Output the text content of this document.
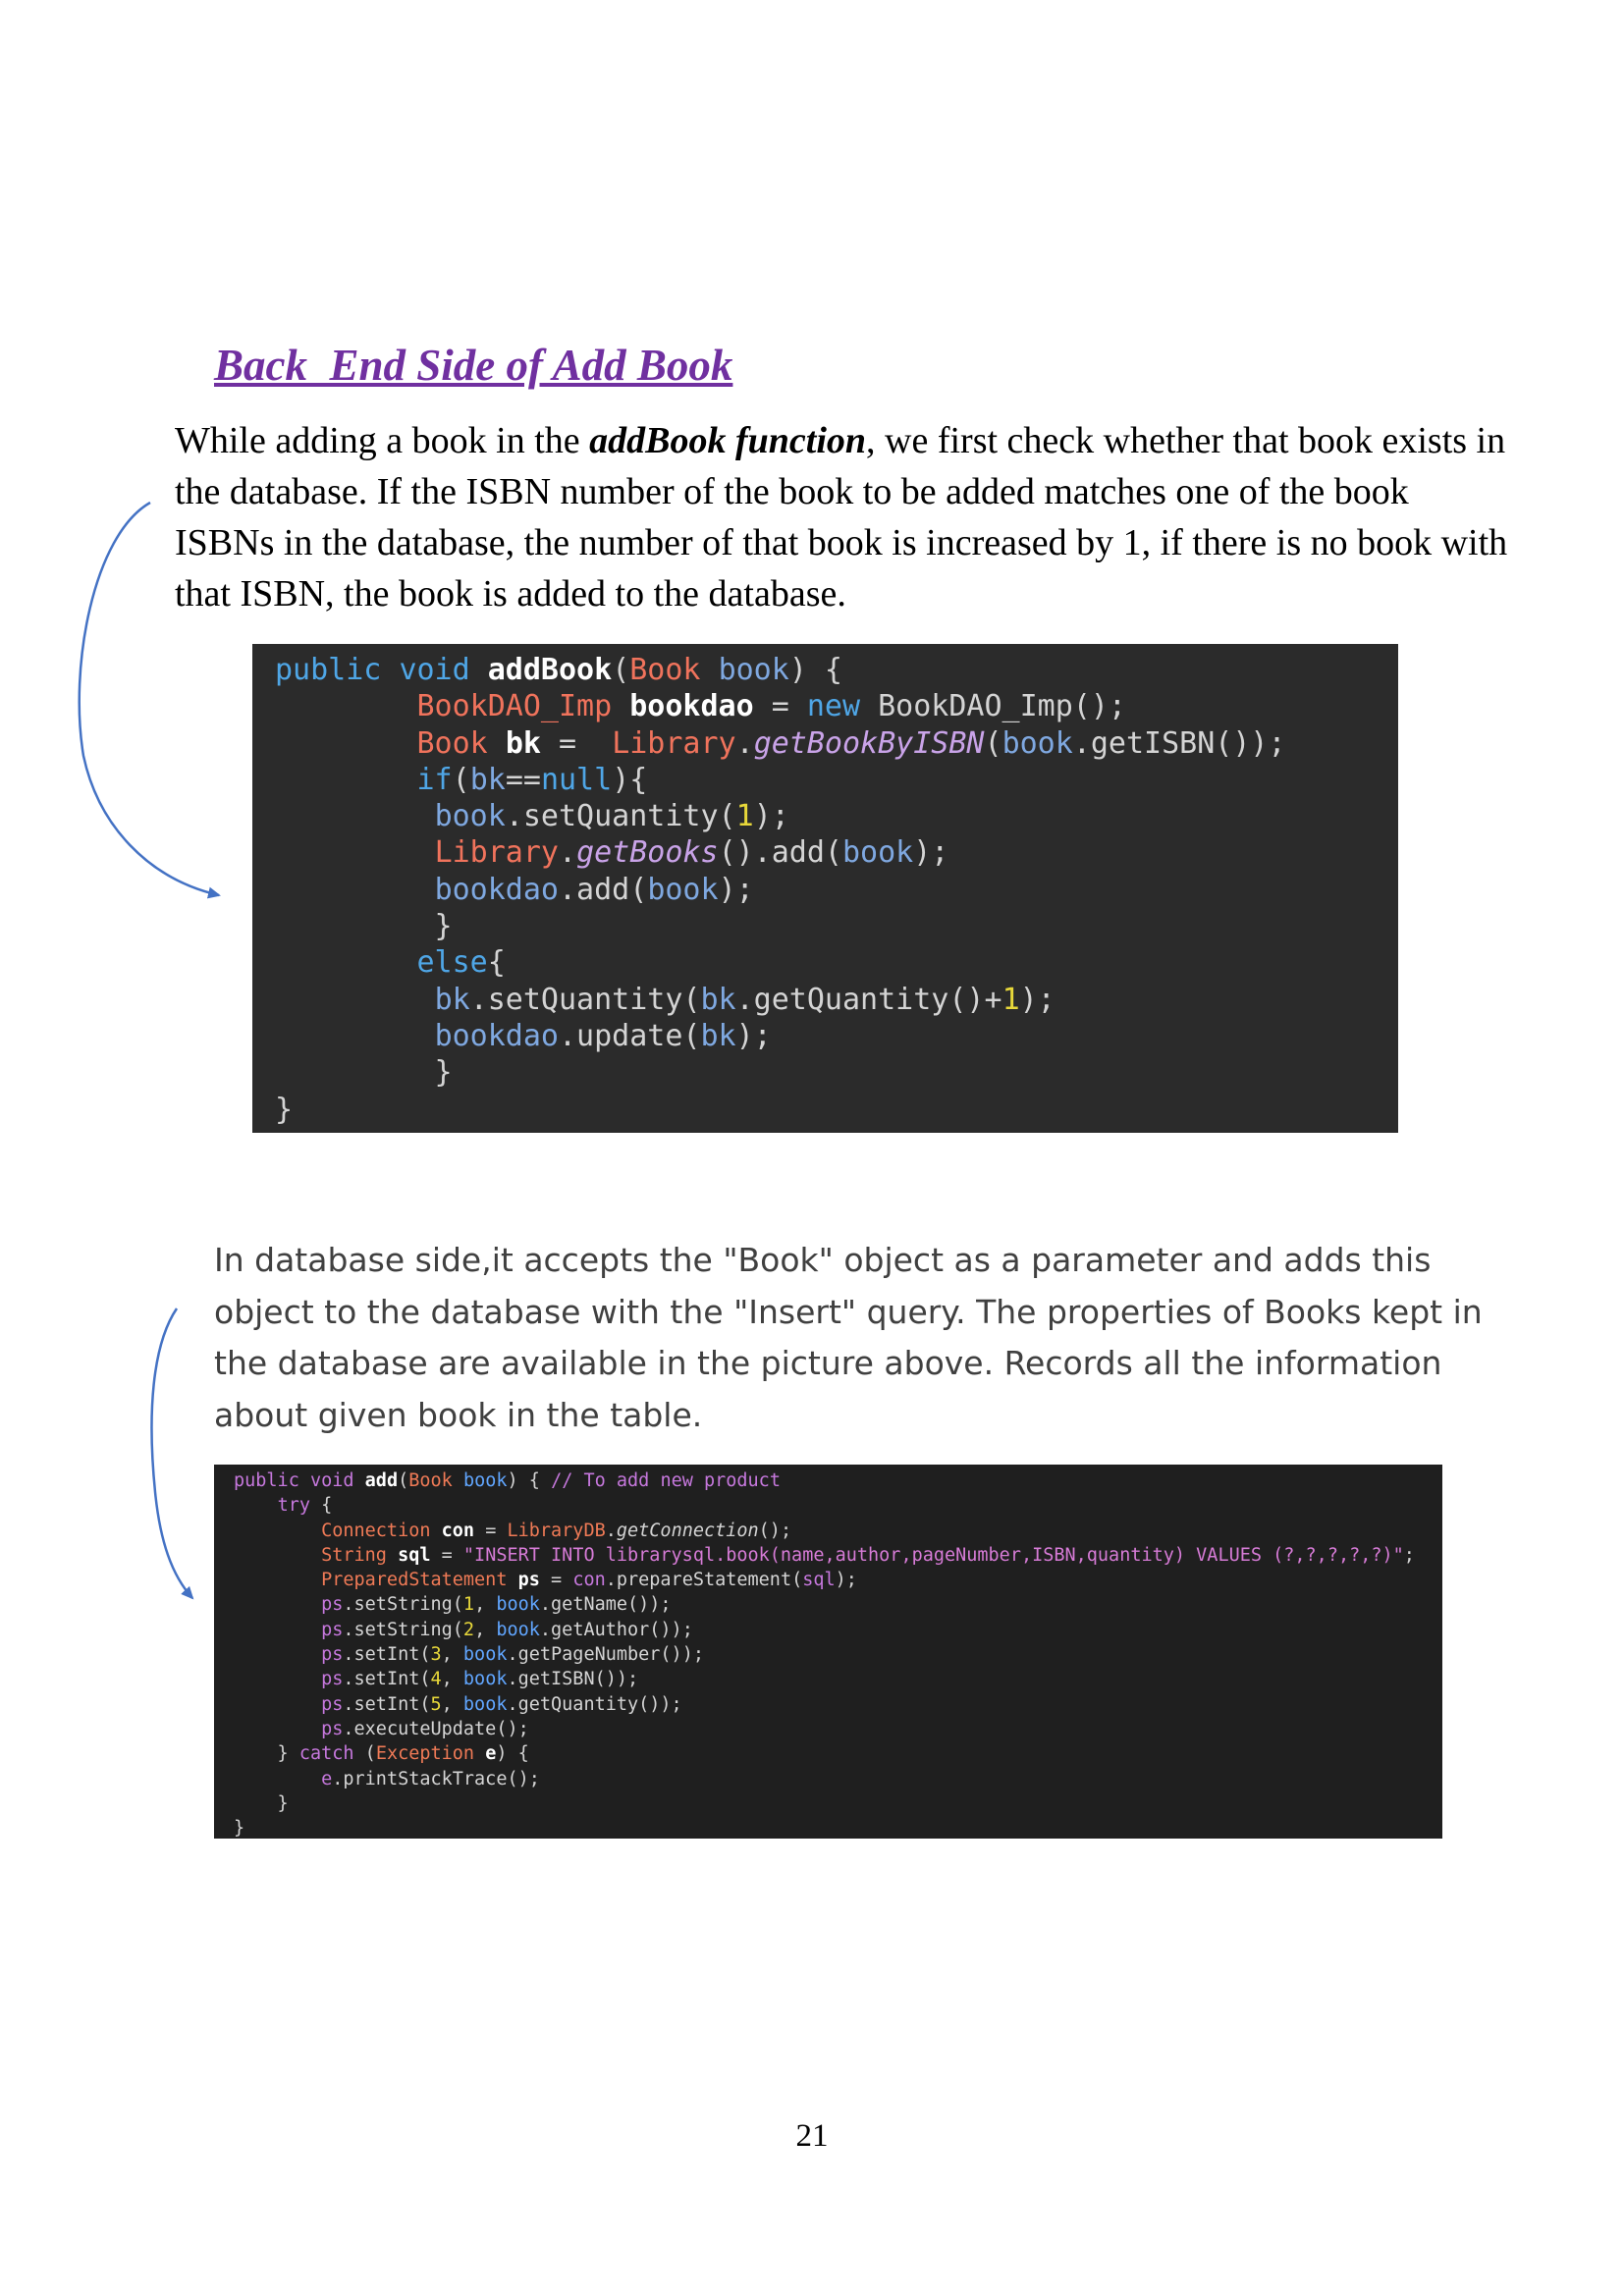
Back  End Side of Add Book

While adding a book in the addBook function, we first check whether that book exists in the database. If the ISBN number of the book to be added matches one of the book ISBNs in the database, the number of that book is increased by 1, if there is no book with that ISBN, the book is added to the database.

public void addBook(Book book) {
BookDAO_Imp bookdao = new BookDAO_Imp();
Book bk =  Library.getBookByISBN(book.getISBN());
if(bk==null){
book.setQuantity(1);
Library.getBooks().add(book);
bookdao.add(book);
}
else{
bk.setQuantity(bk.getQuantity()+1);
bookdao.update(bk);
}
}

In database side,it accepts the "Book" object as a parameter and adds this object to the database with the "Insert" query. The properties of Books kept in the database are available in the picture above. Records all the information about given book in the table.

public void add(Book book) { // To add new product
try {
Connection con = LibraryDB.getConnection();
String sql = "INSERT INTO librarysql.book(name,author,pageNumber,ISBN,quantity) VALUES (?,?,?,?,?)";
PreparedStatement ps = con.prepareStatement(sql);
ps.setString(1, book.getName());
ps.setString(2, book.getAuthor());
ps.setInt(3, book.getPageNumber());
ps.setInt(4, book.getISBN());
ps.setInt(5, book.getQuantity());
ps.executeUpdate();
} catch (Exception e) {
e.printStackTrace();
}
}

21
